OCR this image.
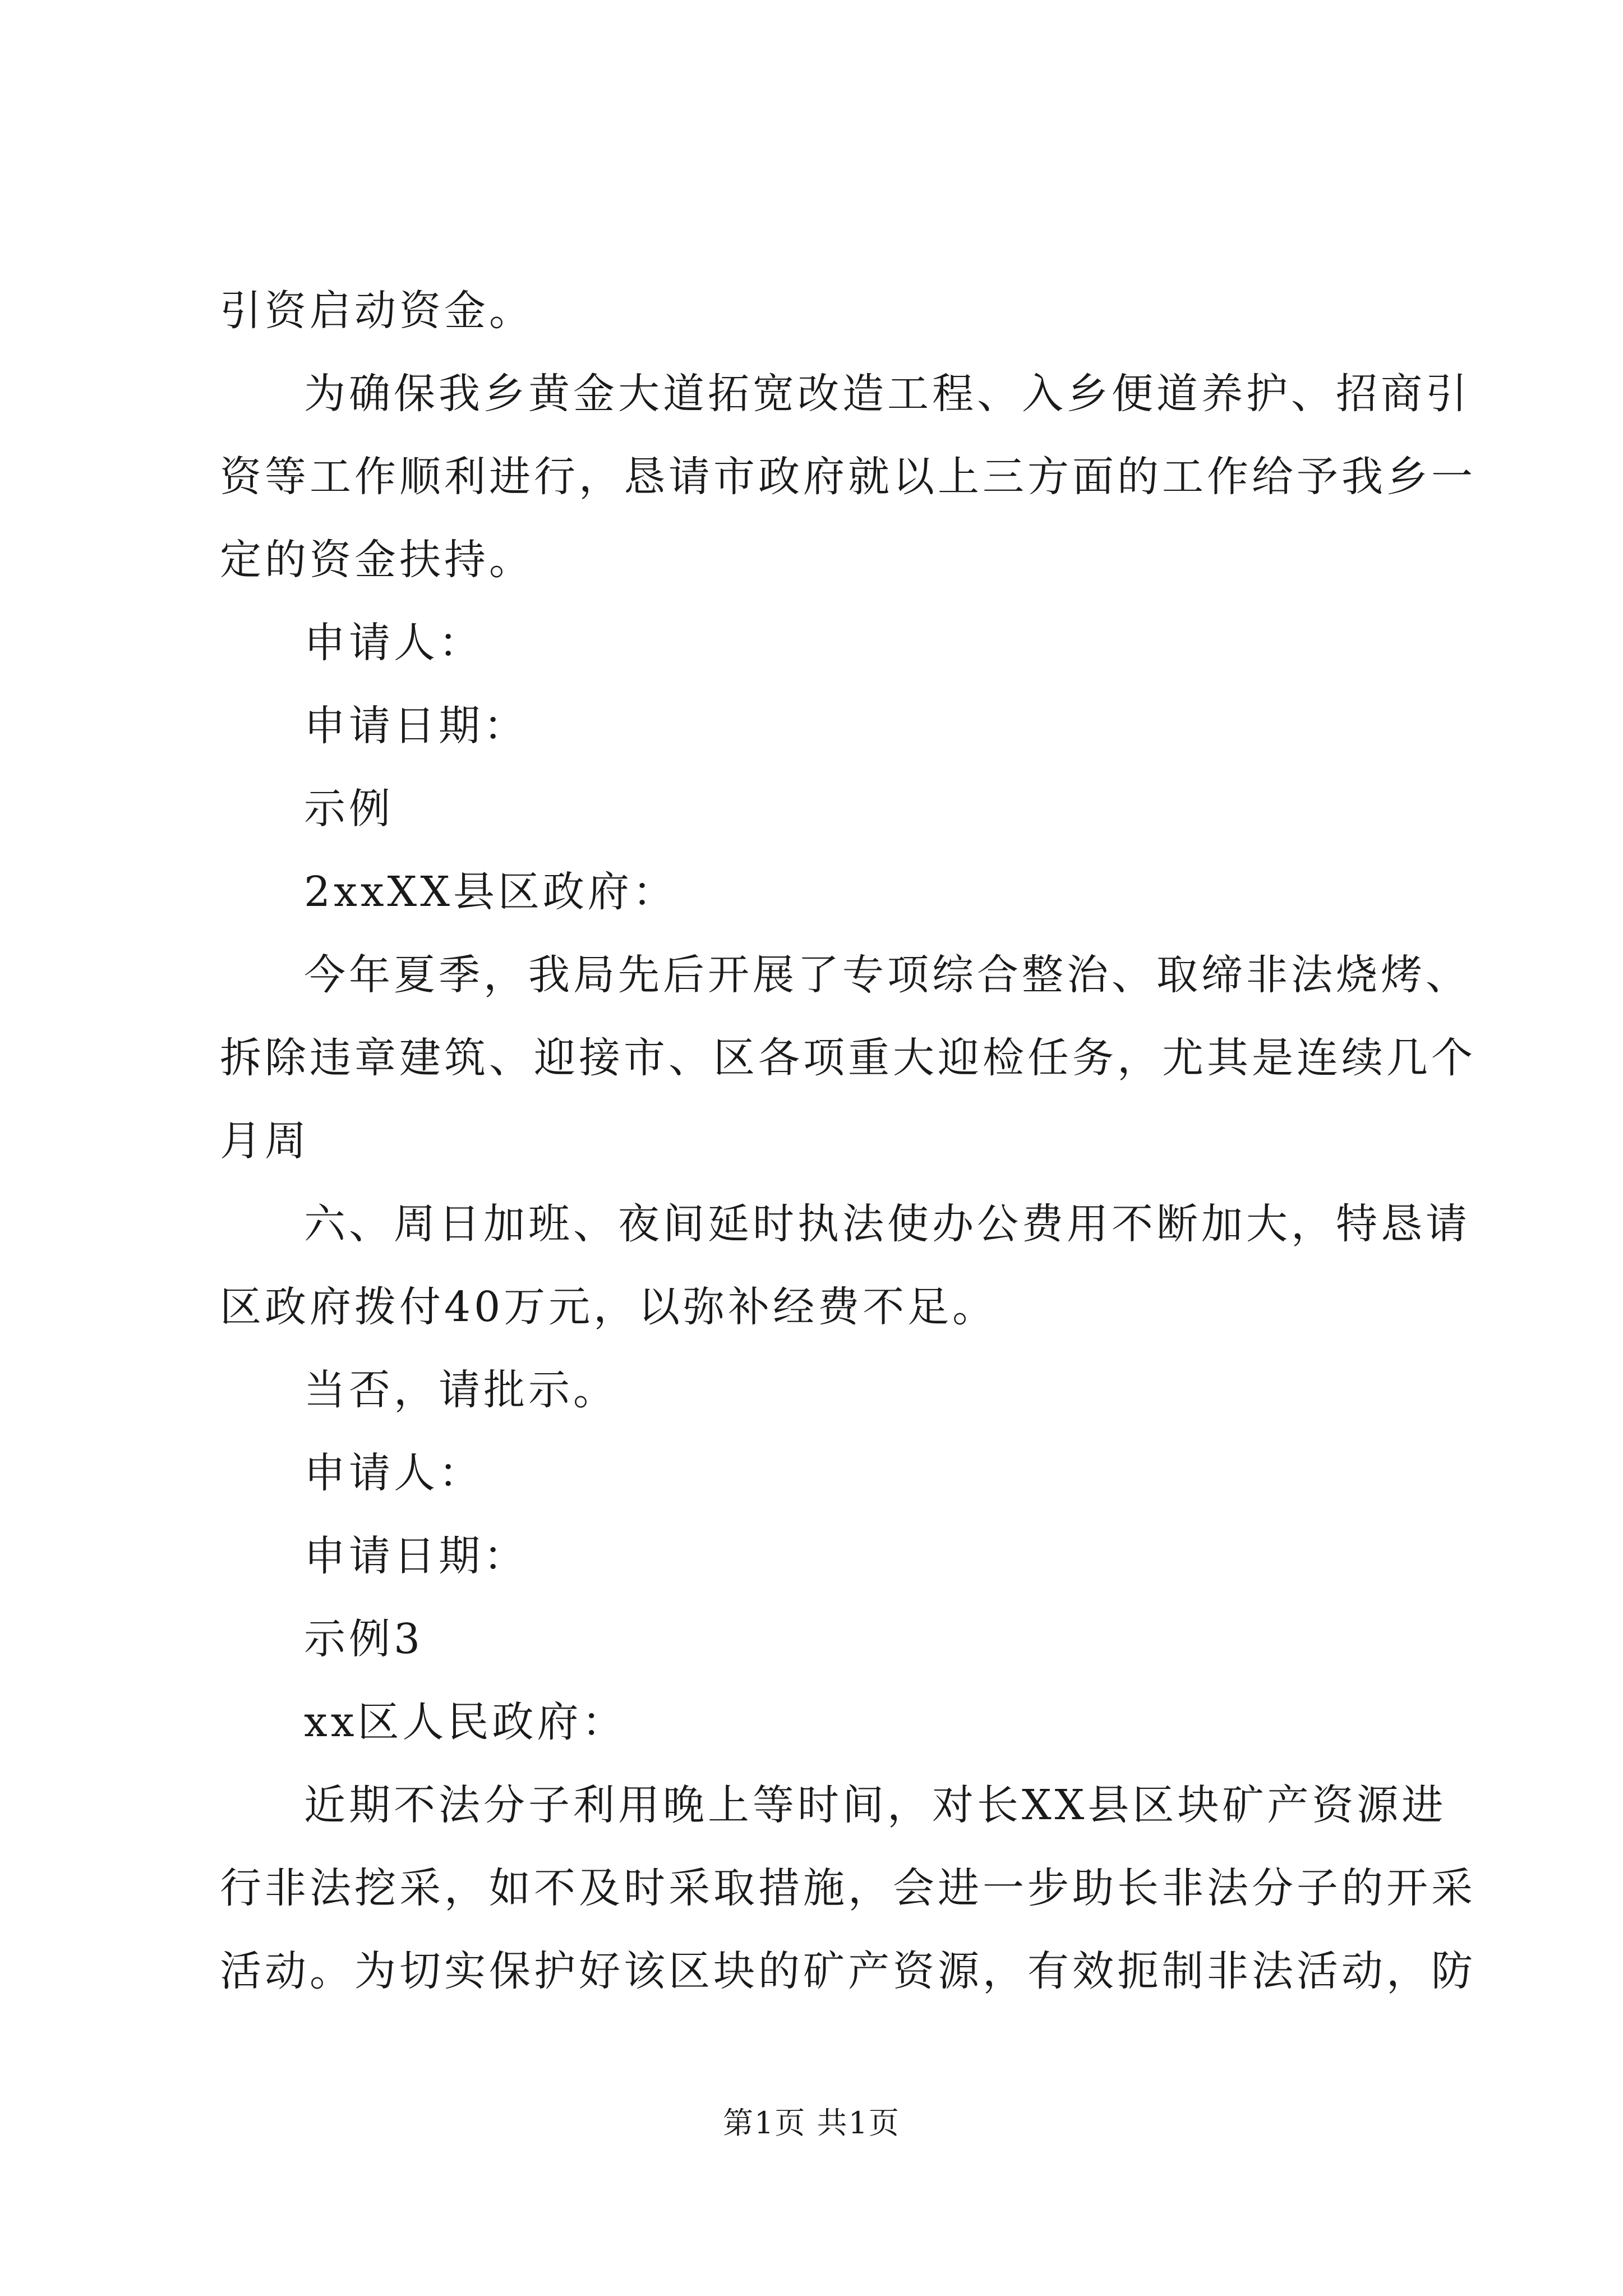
引资启动资金。
为确保我乡黄金大道拓宽改造工程、入乡便道养护、招商引
资等工作顺利进行，恳请市政府就以上三方面的工作给予我乡一
定的资金扶持。
申请人：
申请日期：
示例
2xxXX县区政府：
今年夏季，我局先后开展了专项综合整治、取缔非法烧烤、
拆除违章建筑、迎接市、区各项重大迎检任务，尤其是连续几个
月周
六、周日加班、夜间延时执法使办公费用不断加大，特恳请
区政府拨付40万元，以弥补经费不足。
当否，请批示。
申请人：
申请日期：
示例3
xx区人民政府：
近期不法分子利用晚上等时间，对长XX县区块矿产资源进
行非法挖采，如不及时采取措施，会进一步助长非法分子的开采
活动。为切实保护好该区块的矿产资源，有效扼制非法活动，防
第1页 共1页
